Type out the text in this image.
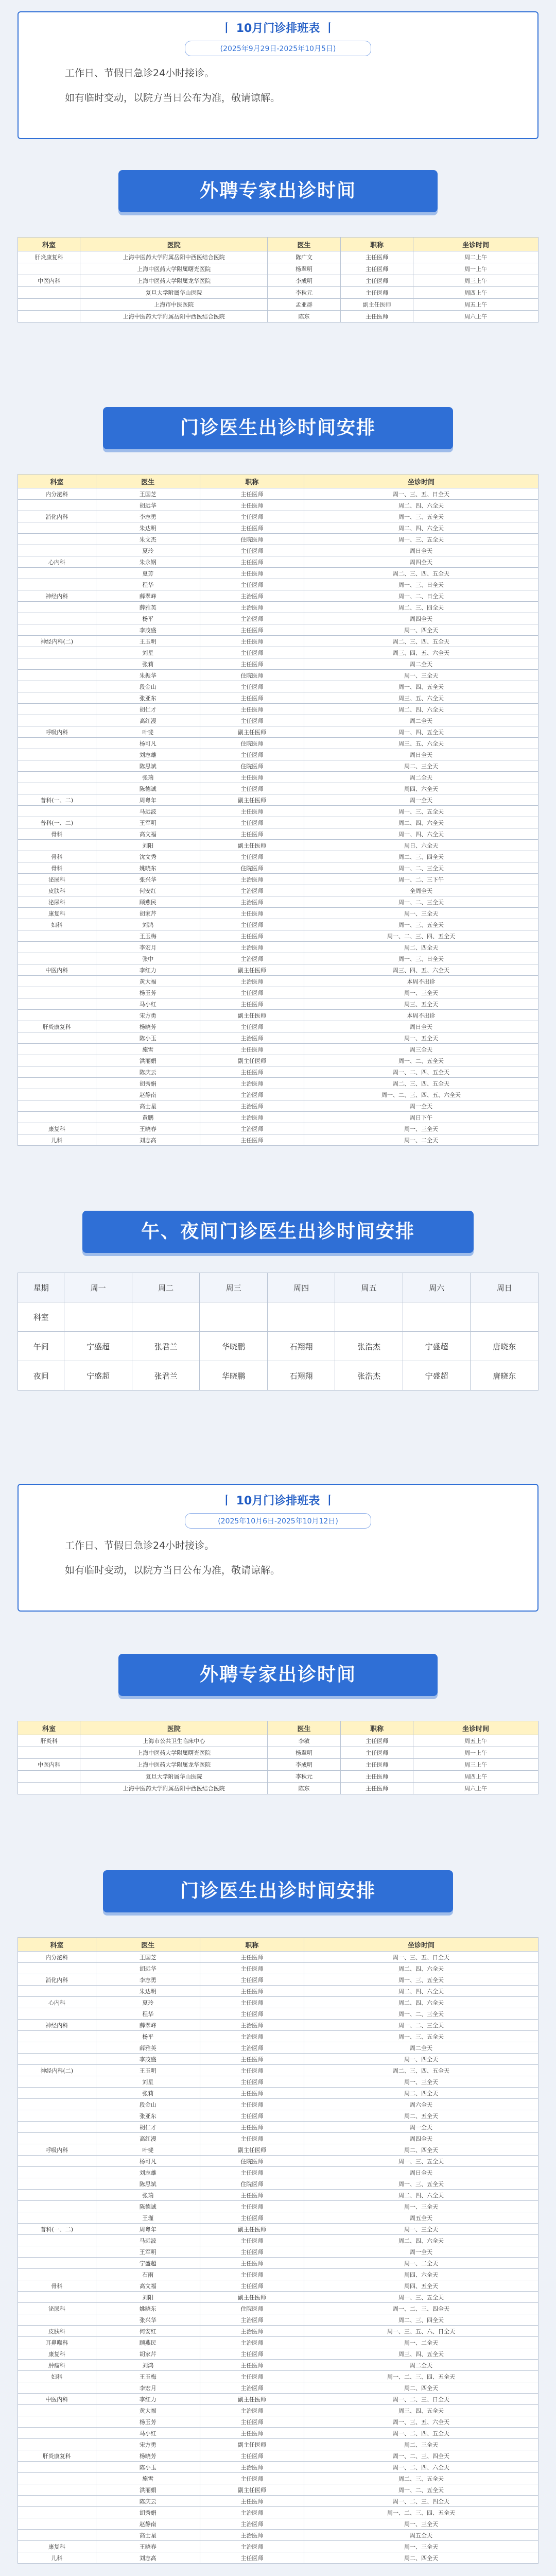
丨 10月门诊排班表 丨
(2025年9月29日-2025年10月5日)
工作日、节假日急诊24小时接诊。
如有临时变动，以院方当日公布为准，敬请谅解。
外聘专家出诊时间
科室	医院	医生	职称	坐诊时间
肝炎康复科	上海中医药大学附属岳阳中西医结合医院	陈广文	主任医师	周二上午
	上海中医药大学附属曙光医院	杨翠明	主任医师	周一上午
中医内科	上海中医药大学附属龙华医院	李成明	主任医师	周三上午
	复旦大学附属华山医院	李秋元	主任医师	周四上午
	上海市中医医院	孟亚群	副主任医师	周五上午
	上海中医药大学附属岳阳中西医结合医院	陈东	主任医师	周六上午
门诊医生出诊时间安排
科室	医生	职称	坐诊时间
内分泌科	王国芝	主任医师	周一、三、五、日全天
	胡远华	主任医师	周二、四、六全天
消化内科	李志勇	主任医师	周一、三、五全天
	朱达明	主任医师	周二、四、六全天
	朱文杰	住院医师	周一、三、五全天
	夏玲	主任医师	周日全天
心内科	朱永钢	主任医师	周四全天
	夏芳	主任医师	周二、三、四、五全天
	程华	主任医师	周一、三、日全天
神经内科	薛翠峰	主治医师	周一、二、日全天
	薛雅英	主治医师	周二、三、四全天
	杨平	主治医师	周四全天
	李茂盛	主任医师	周一、四全天
神经内科(二)	王玉明	主任医师	周二、三、四、五全天
	刘星	主任医师	周三、四、五、六全天
	张莉	主任医师	周二全天
	朱振华	住院医师	周一、三全天
	段金山	主任医师	周一、四、五全天
	张亚东	主任医师	周三、五、六全天
	胡仁才	主任医师	周二、四、六全天
	高红漫	主任医师	周二全天
呼吸内科	叶斐	副主任医师	周一、四、五全天
	杨可凡	住院医师	周三、五、六全天
	刘志雄	主任医师	周日全天
	陈思斌	住院医师	周二、三全天
	张瑞	主任医师	周二全天
	陈德诚	主任医师	周四、六全天
普科(一、二)	周粤年	副主任医师	周一全天
	马远波	主任医师	周一、三、五全天
普科(一、二)	王军明	主任医师	周二、四、六全天
骨科	高文福	主任医师	周一、四、六全天
	刘阳	副主任医师	周日、六全天
骨科	沈文秀	主任医师	周二、三、四全天
骨科	姚晓东	住院医师	周一、二、三全天
泌尿科	张兴华	主治医师	周一、二、三下午
皮肤科	何安红	主治医师	全周全天
泌尿科	顾燕民	主治医师	周一、二、三全天
康复科	胡家芹	主任医师	周一、三全天
妇科	刘鸿	主任医师	周一、三、五全天
	王玉梅	主任医师	周一、二、三、四、五全天
	李宏月	主治医师	周二、四全天
	张中	主治医师	周一、三、日全天
中医内科	李红力	副主任医师	周三、四、五、六全天
	黄大福	主治医师	本周不出诊
	杨玉芳	主任医师	周一、三全天
	马小红	主任医师	周三、五全天
	宋方勇	副主任医师	本周不出诊
肝炎康复科	杨晓芳	主任医师	周日全天
	陈小玉	主治医师	周一、五全天
	施雪	主任医师	周三全天
	洪丽娟	副主任医师	周一、二、五全天
	陈庆云	主任医师	周一、二、四、五全天
	胡秀娟	主治医师	周二、三、四、五全天
	赵静南	主治医师	周一、二、三、四、五、六全天
	高士星	主治医师	周一全天
	黄鹏	主治医师	周日下午
康复科	王晓春	主治医师	周一、三全天
儿科	刘志高	主任医师	周一、二全天
午、夜间门诊医生出诊时间安排
星期	周一	周二	周三	周四	周五	周六	周日
科室							
午间	宁盛超	张君兰	华晓鹏	石翔翔	张浩杰	宁盛超	唐晓东
夜间	宁盛超	张君兰	华晓鹏	石翔翔	张浩杰	宁盛超	唐晓东
丨 10月门诊排班表 丨
(2025年10月6日-2025年10月12日)
工作日、节假日急诊24小时接诊。
如有临时变动，以院方当日公布为准，敬请谅解。
外聘专家出诊时间
科室	医院	医生	职称	坐诊时间
肝炎科	上海市公共卫生临床中心	李敏	主任医师	周五上午
	上海中医药大学附属曙光医院	杨翠明	主任医师	周一上午
中医内科	上海中医药大学附属龙华医院	李成明	主任医师	周三上午
	复旦大学附属华山医院	李秋元	主任医师	周四上午
	上海中医药大学附属岳阳中西医结合医院	陈东	主任医师	周六上午
门诊医生出诊时间安排
科室	医生	职称	坐诊时间
内分泌科	王国芝	主任医师	周一、三、五、日全天
	胡远华	主任医师	周二、四、六全天
消化内科	李志勇	主任医师	周一、三、五全天
	朱达明	主任医师	周二、四、六全天
心内科	夏玲	主任医师	周二、四、六全天
	程华	主任医师	周一、二、三全天
神经内科	薛翠峰	主治医师	周一、二、三全天
	杨平	主治医师	周一、三、五全天
	薛雅英	主治医师	周二全天
	李茂盛	主任医师	周一、四全天
神经内科(二)	王玉明	主任医师	周二、三、四、五全天
	刘星	主任医师	周一、三全天
	张莉	主任医师	周二、四全天
	段金山	主任医师	周六全天
	张亚东	主任医师	周二、五全天
	胡仁才	主任医师	周一全天
	高红漫	主任医师	周四全天
呼吸内科	叶斐	副主任医师	周二、四全天
	杨可凡	住院医师	周一、三、五全天
	刘志雄	主任医师	周日全天
	陈思斌	住院医师	周一、三、五全天
	张瑞	主任医师	周二、四、六全天
	陈德诚	主任医师	周一、三全天
	王瑾	主任医师	周五全天
普科(一、二)	周粤年	副主任医师	周一、三全天
	马远波	主任医师	周二、四、六全天
	王军明	主任医师	周一全天
	宁盛超	主任医师	周一、二全天
	石雨	主任医师	周四、六全天
骨科	高文福	主任医师	周四、五全天
	刘阳	副主任医师	周一、三、五全天
泌尿科	姚晓东	住院医师	周一、二、三、四全天
	张兴华	主治医师	周二、三、四全天
皮肤科	何安红	主治医师	周一、三、五、六、日全天
耳鼻喉科	顾燕民	主治医师	周一、二全天
康复科	胡家芹	主任医师	周三、四、五全天
肿瘤科	刘鸿	主任医师	周二全天
妇科	王玉梅	主任医师	周一、二、三、四、五全天
	李宏月	主治医师	周二、四全天
中医内科	李红力	副主任医师	周一、二、三、日全天
	黄大福	主治医师	周三、四、五全天
	杨玉芳	主任医师	周一、三、五、六全天
	马小红	主任医师	周一、二、四、五全天
	宋方勇	副主任医师	周二、三全天
肝炎康复科	杨晓芳	主任医师	周一、二、三、四全天
	陈小玉	主治医师	周一、二、四、六全天
	施雪	主任医师	周二、三、五全天
	洪丽娟	副主任医师	周一、二、五全天
	陈庆云	主任医师	周一、二、三、四全天
	胡秀娟	主治医师	周一、二、三、四、五全天
	赵静南	主治医师	周一、三全天
	高士星	主治医师	周五全天
康复科	王晓春	主治医师	周一、三全天
儿科	刘志高	主任医师	周二、四全天
